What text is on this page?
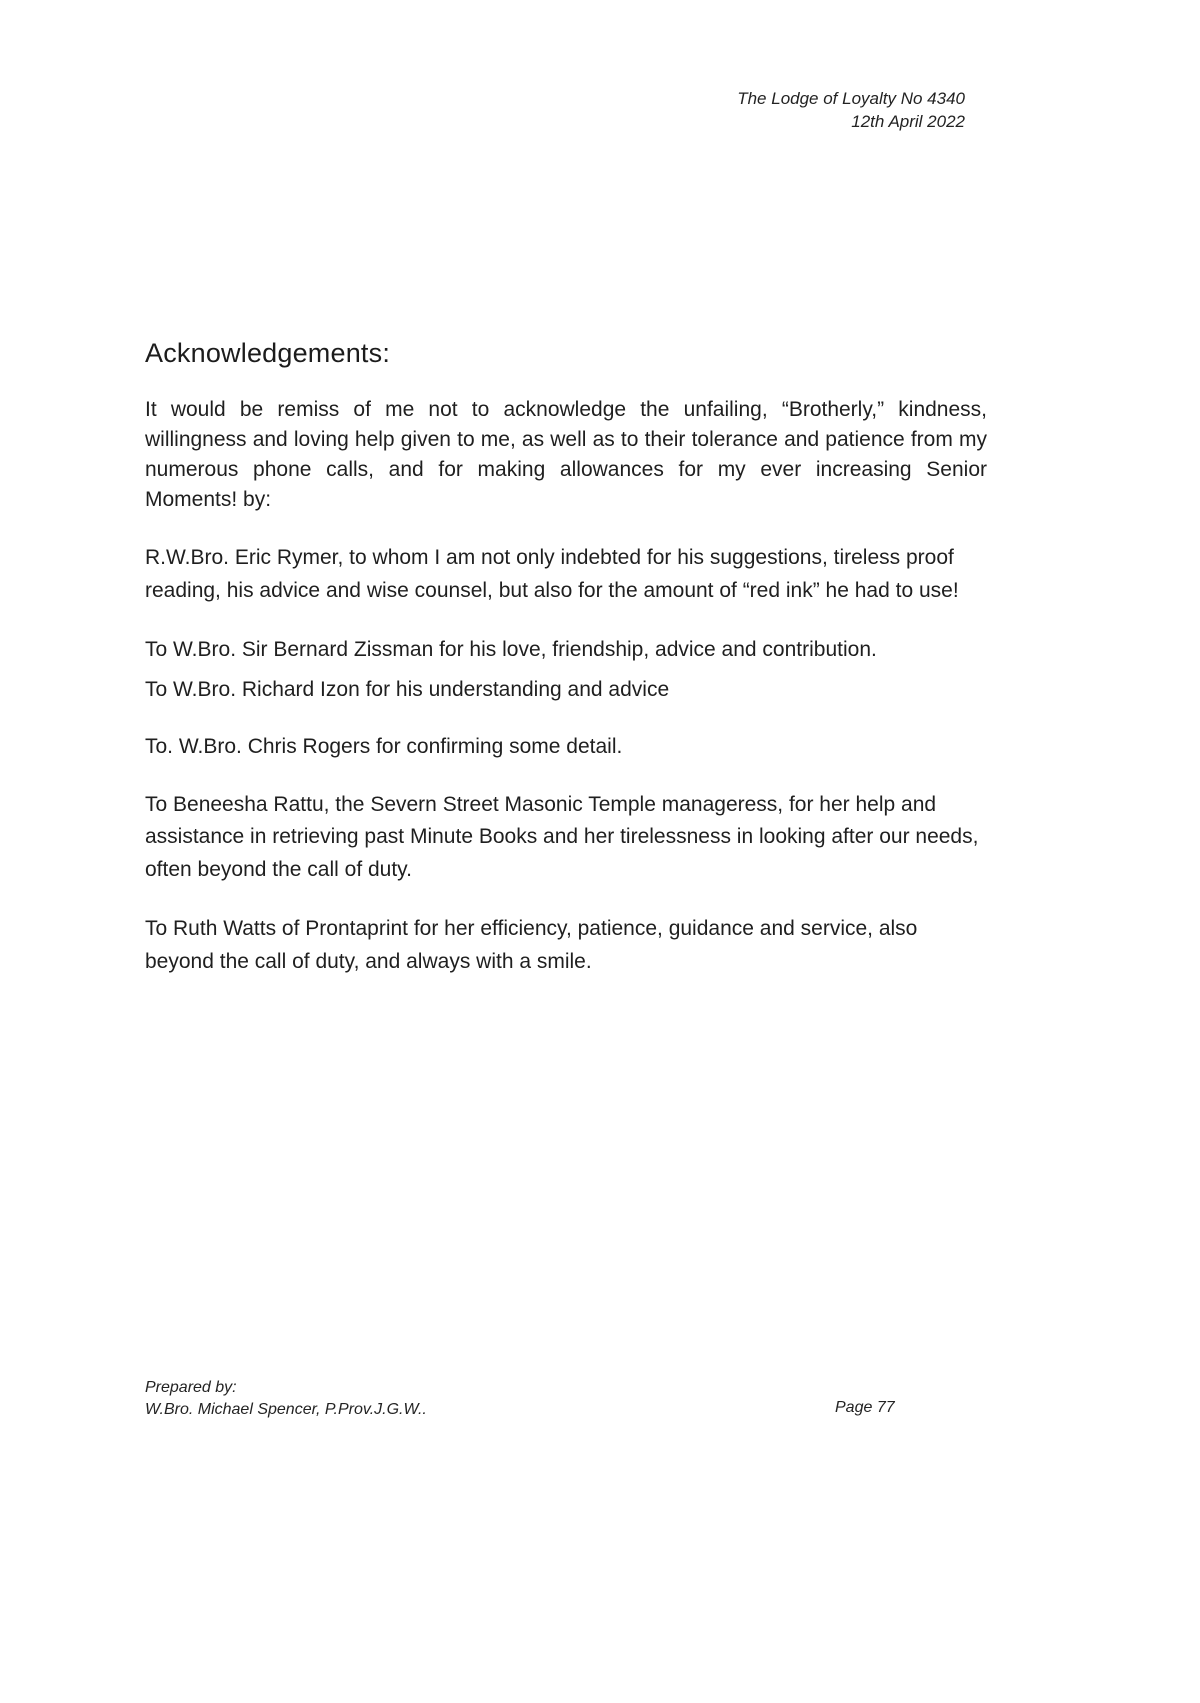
The Lodge of Loyalty No 4340
12th April 2022
Acknowledgements:

It would be remiss of me not to acknowledge the unfailing, “Brotherly,” kindness, willingness and loving help given to me, as well as to their tolerance and patience from my numerous phone calls, and for making allowances for my ever increasing Senior Moments! by:

R.W.Bro. Eric Rymer, to whom I am not only indebted for his suggestions, tireless proof reading, his advice and wise counsel, but also for the amount of “red ink” he had to use!

To W.Bro. Sir Bernard Zissman for his love, friendship, advice and contribution.

To W.Bro. Richard Izon for his understanding and advice

To. W.Bro. Chris Rogers for confirming some detail.

To Beneesha Rattu, the Severn Street Masonic Temple manageress, for her help and assistance in retrieving past Minute Books and her tirelessness in looking after our needs, often beyond the call of duty.

To Ruth Watts of Prontaprint for her efficiency, patience, guidance and service, also beyond the call of duty, and always with a smile.

Prepared by:
W.Bro. Michael Spencer, P.Prov.J.G.W..	Page 77
